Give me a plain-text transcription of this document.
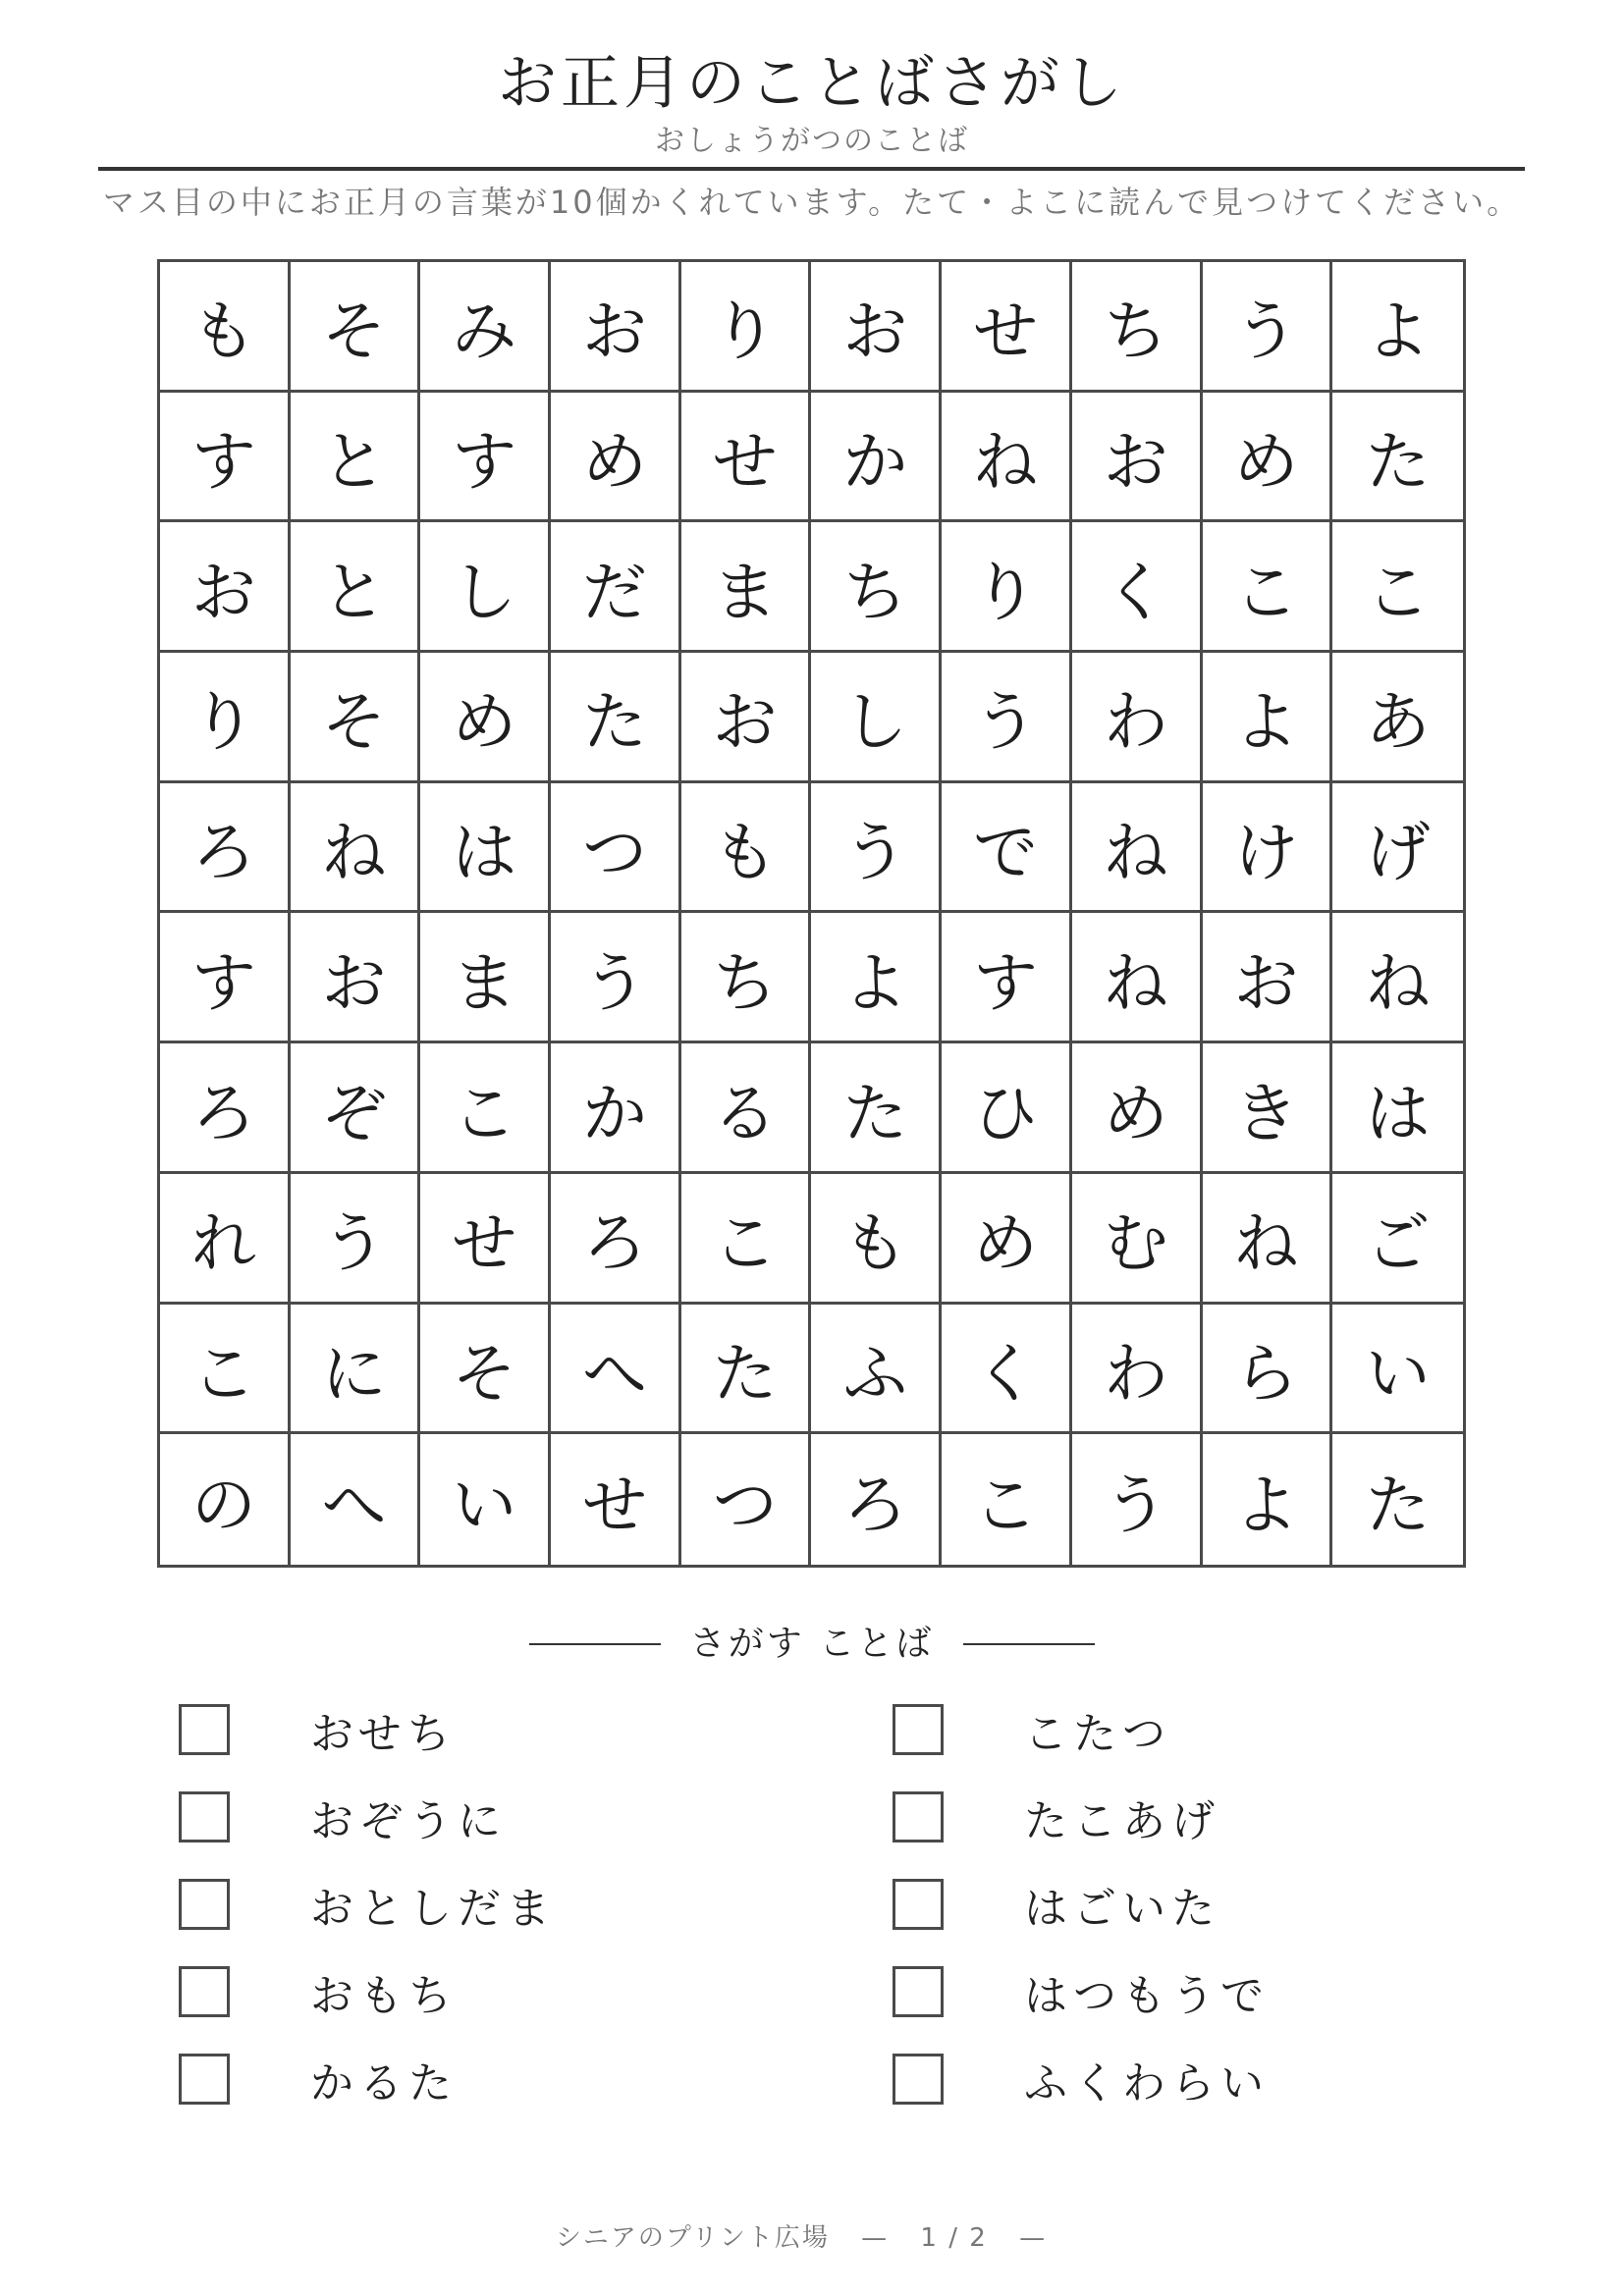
お正月のことばさがし
おしょうがつのことば
マス目の中にお正月の言葉が10個かくれています。たて・よこに読んで見つけてください。
も	そ	み	お	り	お	せ	ち	う	よ
す	と	す	め	せ	か	ね	お	め	た
お	と	し	だ	ま	ち	り	く	こ	こ
り	そ	め	た	お	し	う	わ	よ	あ
ろ	ね	は	つ	も	う	で	ね	け	げ
す	お	ま	う	ち	よ	す	ね	お	ね
ろ	ぞ	こ	か	る	た	ひ	め	き	は
れ	う	せ	ろ	こ	も	め	む	ね	ご
こ	に	そ	へ	た	ふ	く	わ	ら	い
の	へ	い	せ	つ	ろ	こ	う	よ	た
さがす ことば
おせち
おぞうに
おとしだま
おもち
かるた
こたつ
たこあげ
はごいた
はつもうで
ふくわらい
シニアのプリント広場 — 1 / 2 —
